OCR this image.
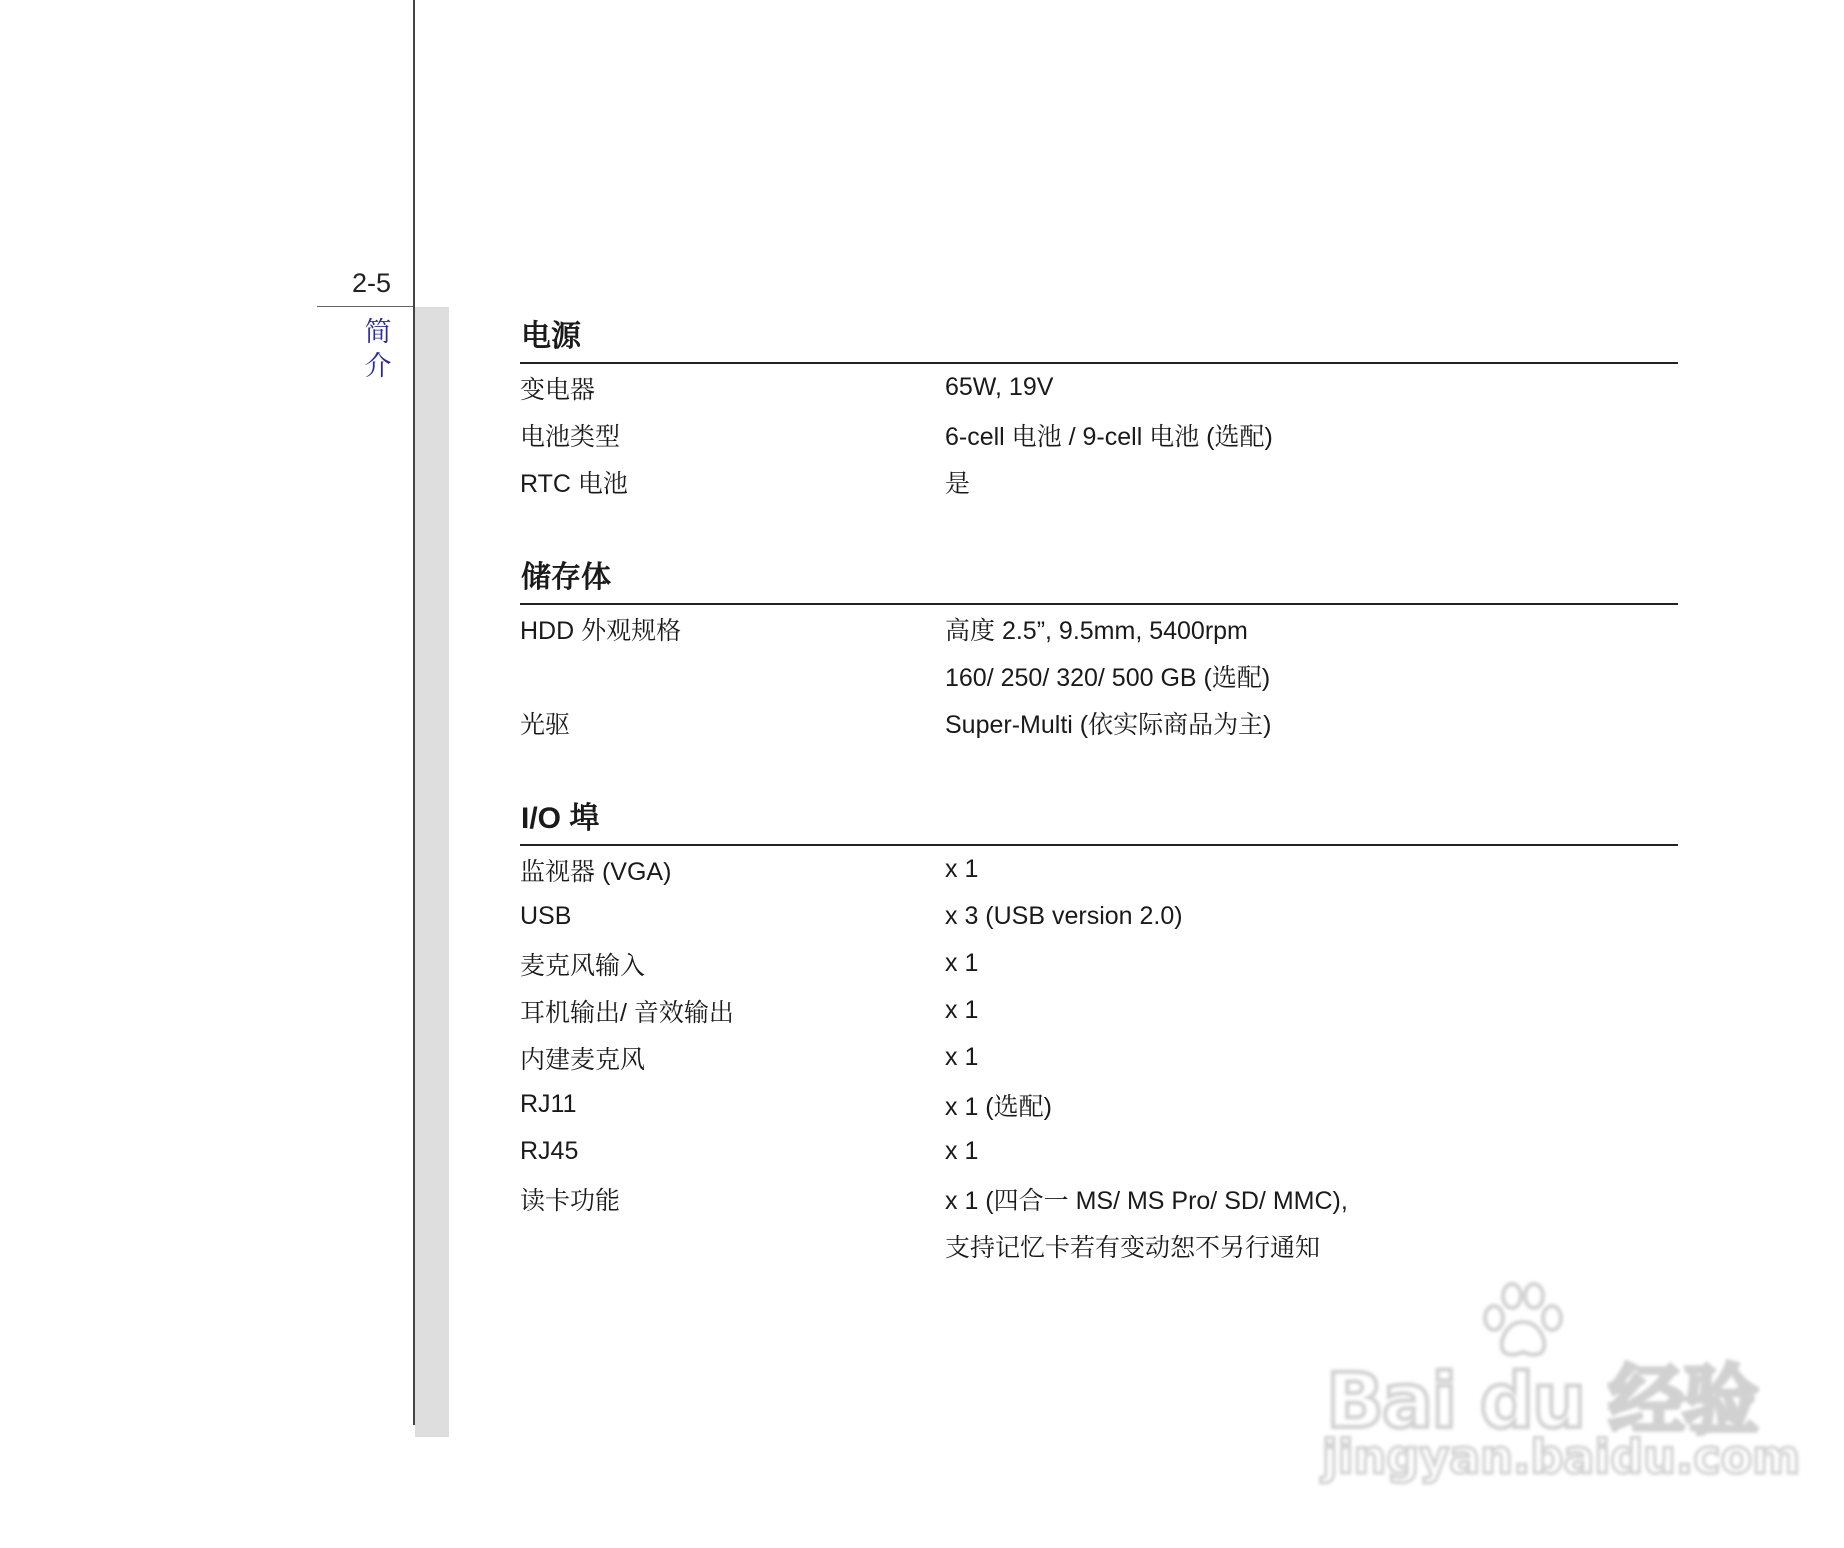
2-5
简介
电源
变电器	65W, 19V
电池类型	6-cell 电池 / 9-cell 电池 (选配)
RTC 电池	是
储存体
HDD 外观规格	高度 2.5”, 9.5mm, 5400rpm
160/ 250/ 320/ 500 GB (选配)
光驱	Super-Multi (依实际商品为主)
I/O 埠
监视器 (VGA)	x 1
USB	x 3 (USB version 2.0)
麦克风输入	x 1
耳机输出/ 音效输出	x 1
内建麦克风	x 1
RJ11	x 1 (选配)
RJ45	x 1
读卡功能	x 1 (四合一 MS/ MS Pro/ SD/ MMC),
支持记忆卡若有变动恕不另行通知
Bai du 经验
jingyan.baidu.com
